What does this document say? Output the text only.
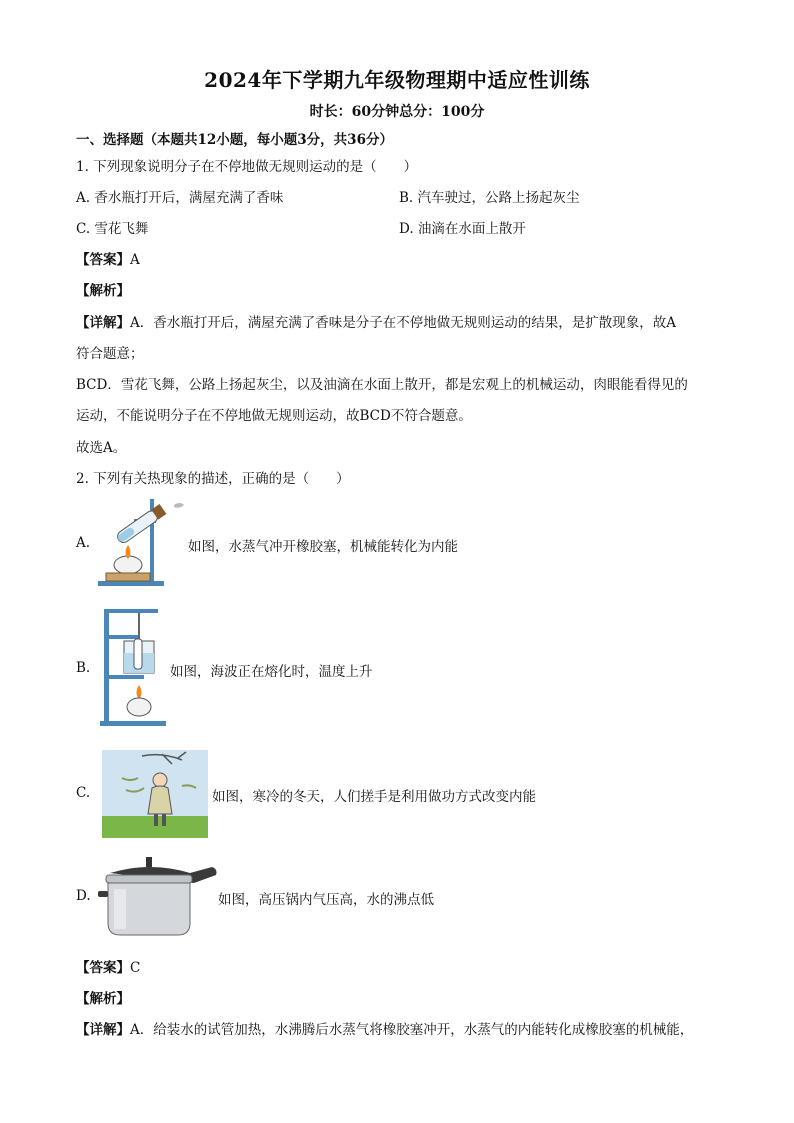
2024年下学期九年级物理期中适应性训练
时长：60分钟总分：100分
一、选择题（本题共12小题，每小题3分，共36分）
1. 下列现象说明分子在不停地做无规则运动的是（　　）
A. 香水瓶打开后，满屋充满了香味	B. 汽车驶过，公路上扬起灰尘
C. 雪花飞舞	D. 油滴在水面上散开
【答案】A
【解析】
【详解】A．香水瓶打开后，满屋充满了香味是分子在不停地做无规则运动的结果，是扩散现象，故A
符合题意；
BCD．雪花飞舞，公路上扬起灰尘，以及油滴在水面上散开，都是宏观上的机械运动，肉眼能看得见的
运动，不能说明分子在不停地做无规则运动，故BCD不符合题意。
故选A。
2. 下列有关热现象的描述，正确的是（　　）
A.	如图，水蒸气冲开橡胶塞，机械能转化为内能
B.	如图，海波正在熔化时，温度上升
C.	如图，寒冷的冬天，人们搓手是利用做功方式改变内能
D.	如图，高压锅内气压高，水的沸点低
【答案】C
【解析】
【详解】A．给装水的试管加热，水沸腾后水蒸气将橡胶塞冲开，水蒸气的内能转化成橡胶塞的机械能，
